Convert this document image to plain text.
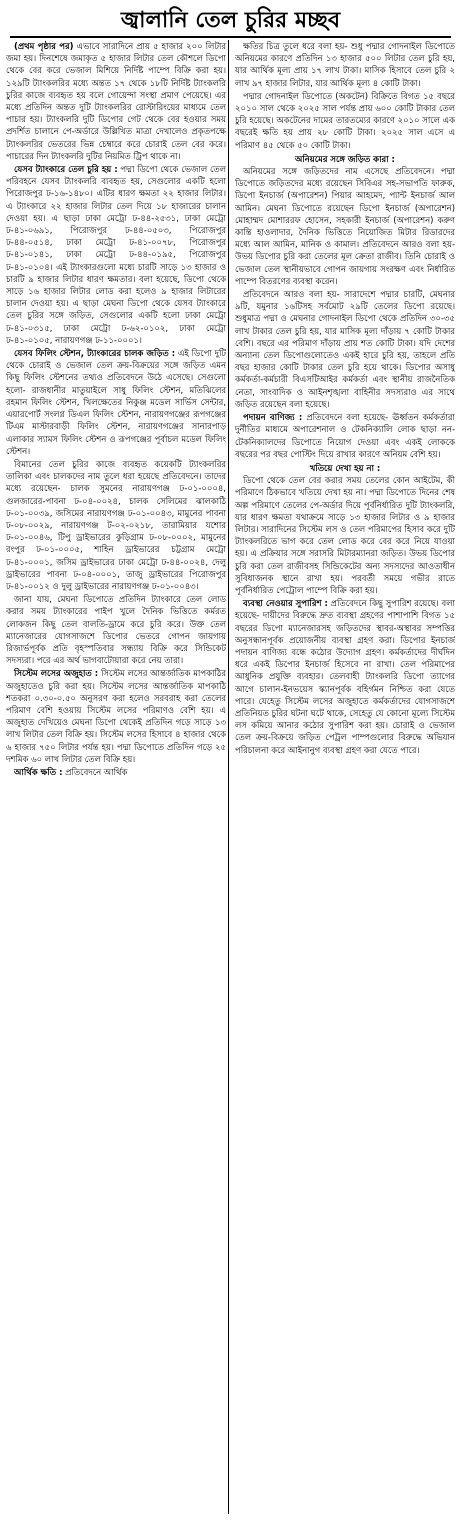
জ্বালানি তেল চুরির মচ্ছব

(প্রথম পৃষ্ঠার পর) এভাবে সারাদিনে প্রায় ৫ হাজার ২০০ লিটার জমা হয়। দিনশেষে জমাকৃত ৫ হাজার লিটার তেল কৌশলে ডিপো থেকে বের করে ভেজাল মিশিয়ে নির্দিষ্ট পাম্পে বিক্রি করা হয়। ১২৯টি ট্যাংকলরির মধ্যে অন্তত ১৭ থেকে ১৮টি নির্দিষ্ট ট্যাংকলরি চুরির কাজে ব্যবহৃত হয় বলে গোয়েন্দা সংস্থা প্রমাণ পেয়েছে। এর মধ্যে প্রতিদিন অন্তত দুটি ট্যাংকলরির রোস্টারিংয়ের মাধ্যমে তেল পাচার হয়। ট্যাংকলরি দুটি ডিপোর গেট থেকে বের হওয়ার সময় প্রদর্শিত চালানে পে-অর্ডারে উল্লিখিত মাত্রা দেখালেও প্রকৃতপক্ষে ট্যাংকলরির ভেতরের ভিন্ন চেম্বারে করে চোরাই তেল বের করে। পাচারের দিন ট্যাংকলরি দুটির নিয়মিত ট্রিপ থাকে না।

যেসব ট্যাংকারে তেল চুরি হয় : পদ্মা ডিপো থেকে ভেজাল তেল পরিবহনে যেসব ট্যাংকলরি ব্যবহৃত হয়, সেগুলোর একটি হলো পিরোজপুর ঢ-১৬-১৪৮০। এটির ধারণ ক্ষমতা ২২ হাজার লিটার। এ ট্যাংকারে ২২ হাজার লিটার তেল দিয়ে ১৮ হাজারের চালান দেওয়া হয়। এ ছাড়া ঢাকা মেট্রো ঢ-৪৪-২৫৩১, ঢাকা মেট্রো ঢ-৪১-০৬৯১, পিরোজপুর ঢ-৪৪-০৫০৩, পিরোজপুর ঢ-৪৪-০৫১৪, ঢাকা মেট্রো ঢ-৪১-০০৭৮, পিরোজপুর ঢ-৪১-০১৪১, ঢাকা মেট্রো ঢ-৪৪-০১৯৫, পিরোজপুর ঢ-৪১-০১০৪। এই ট্যাংকারগুলো মধ্যে চারটি সাড়ে ১৩ হাজার ও চারটি ৯ হাজার লিটার ধারণ ক্ষমতার। বলা হয়েছে, ডিপো থেকে সাড়ে ১৬ হাজার লিটার লোড করা হলেও ৯ হাজার লিটারের চালান দেওয়া হয়। এ ছাড়া মেঘনা ডিপো থেকে যেসব ট্যাংকারে তেল চুরির সঙ্গে জড়িত, সেগুলোর একটি হলো ঢাকা মেট্রো ঢ-৪১-০৩১৫, ঢাকা মেট্রো ঢ-৬২-০১০২, ঢাকা মেট্রো ঢ-৪১-০১০৫, নারায়ণগঞ্জ ঢ-১১-০০০১।

যেসব ফিলিং স্টেশন, ট্যাংকারের চালক জড়িত : এই ডিপো দুটি থেকে চোরাই ও ভেজাল তেল ক্রয়-বিক্রয়ের সঙ্গে জড়িত এমন কিছু ফিলিং স্টেশনের তথ্যও প্রতিবেদনে উঠে এসেছে। সেগুলো হলো- রাজধানীর মাতুয়াইলে সাধু ফিলিং স্টেশন, মতিঝিলের রহমান ফিলিং স্টেশন, খিলক্ষেতের নিকুঞ্জ মডেল সার্ভিস সেন্টার, এয়ারপোর্ট সংলগ্ন ডিএল ফিলিং স্টেশন, নারায়ণগঞ্জের রূপগঞ্জের টিএম মাস্টারবাড়ী ফিলিং স্টেশন, নারায়ণগঞ্জের সানারপাড় এলাকার স্যামস ফিলিং স্টেশন ও রূপগঞ্জের পূর্বাচল মডেল ফিলিং স্টেশন।

বিমানের তেল চুরির কাজে ব্যবহৃত কয়েকটি ট্যাংকলরির তালিকা এবং চালকদের নাম তুলে ধরা হয়েছে প্রতিবেদনে। তাদের মধ্যে রয়েছেন- চালক সুমনের নারায়ণগঞ্জ ঢ-০১-০০০৪, গুলজারের-পাবনা ঢ-০৪-০০২৪, চালক সেলিমের ঝালকাঠি ঢ-০১-০০৩৯, জসিমের নারায়ণগঞ্জ ঢ-০১-০০৪৩, মামুনের পাবনা ঢ-০৮-০০২৯, নারায়ণগঞ্জ ট-০২-০২১৮, তারামিয়ার যশোর ঢ-০১-০০৪৬, টিপু ড্রাইভারের কুড়িগ্রাম ঢ-০৮-০০০২, মামুনের রংপুর ঢ-০১-০০০৫, শাহিন ড্রাইভারের চট্টগ্রাম মেট্রো ঢ-৪১-০০০১, জসিম ড্রাইভারের ঢাকা মেট্রো ঢ-৪৪-০০২৪, দেলু ড্রাইভারের পাবনা ঢ-০৪-০০০১, তাজু ড্রাইভারের পিরোজপুর ঢ-৪১-০০১২ ও দুলু ড্রাইভারের নারায়ণগঞ্জ ঢ-০১-০০৪৩।

জানা যায়, মেঘনা ডিপোতে প্রতিদিন ট্যাংকারে তেল লোড করার সময় ট্যাংকারের পাইপ খুলে দৈনিক ভিত্তিতে কর্মরত লোকজন কিছু তেল বালতি-ড্রামে করে চুরি করে। উক্ত তেল ম্যানেজারের যোগসাজশে ডিপোর ভেতরে গোপন জায়গায় রিজার্ভপূর্বক প্রতি বৃহস্পতিবার সন্ধ্যায় বিক্রি করে সিন্ডিকেট সদস্যরা। পরে এর অর্থ ভাগবাটোয়ারা করে নেয় তারা।

সিস্টেম লসের অজুহাত : সিস্টেম লসের আন্তর্জাতিক মাপকাঠির অজুহাতেও চুরি করা হয়। সিস্টেম লসের আন্তর্জাতিক মাপকাঠি শতকরা ০.৩০-০.৫০ অনুসরণ করা হলেও সরবরাহ করা তেলের পরিমাণ বেশি হওয়ায় সিস্টেম লসের পরিমাণও বেশি হয়। এ অজুহাত দেখিয়েও মেঘনা ডিপো থেকেই প্রতিদিন গড়ে সাড়ে ১৩ লাখ লিটার তেল বিক্রি হয়। সিস্টেম লসের হিসাবে ৪ হাজার থেকে ৬ হাজার ৭৫০ লিটার পর্যন্ত হয়। পদ্মা ডিপোতে প্রতিদিন গড়ে ২৫ দশমিক ৬০ লাখ লিটার তেল বিক্রি হয়।

আর্থিক ক্ষতি : প্রতিবেদনে আর্থিক

ক্ষতির চিত্র তুলে ধরে বলা হয়- শুধু পদ্মার গোদনাইল ডিপোতে অনিয়মের কারণে প্রতিদিন ১৩ হাজার ৫০০ লিটার তেল চুরি হয়, যার আর্থিক মূল্য প্রায় ১৭ লাখ টাকা। মাসিক হিসাবে তেল চুরি ২ লাখ ৯৭ হাজার লিটার, যার আর্থিক মূল্য ৪ কোটি টাকা।

পদ্মার গোদনাইল ডিপোতে (অকটেন) বিক্রিতে বিগত ১৫ বছরে ২০১০ সাল থেকে ২০২৫ সাল পর্যন্ত প্রায় ৬০০ কোটি টাকার তেল চুরি হয়েছে। অকটেনের দামের তারতম্যের কারণে ২০১০ সালে এক বছরেই ক্ষতি হয় প্রায় ২৮ কোটি টাকা। ২০২৫ সাল এসে এ পরিমাণ ৪৫ থেকে ৫০ কোটি টাকা।

অনিয়মের সঙ্গে জড়িত কারা :

অনিয়মের সঙ্গে জড়িতদের নাম এসেছে প্রতিবেদনে। পদ্মা ডিপোতে জড়িতদের মধ্যে রয়েছেন সিবিএর সহ-সভাপতি ফারুক, ডিপো ইনচার্জ (অপারেশন) পিয়ার আহমেদ, প্যান্ট ইনচার্জ আল আমিন। মেঘনা ডিপোতে রয়েছেন ডিপো ইনচার্জ (অপারেশন) মোহাম্মদ মোশাররফ হোসেন, সহকারী ইনচার্জ (অপারেশন) করুণ কান্তি হাওলাদার, দৈনিক ভিত্তিতে নিয়োজিত মিটার রিডারদের মধ্যে আল আমিন, মানিক ও কামাল। প্রতিবেদনে আরও বলা হয়- উভয় ডিপোর চুরি করা তেলের মূল ক্রেতা রাজীব। তিনি চোরাই ও ভেজাল তেল স্থানীয়ভাবে গোপন জায়গায় সংরক্ষণ এবং নির্ধারিত পাম্পে বিতরণের ব্যবস্থা করেন।

প্রতিবেদনে আরও বলা হয়- সারাদেশে পদ্মার চারটি, মেঘনার ৯টি, যমুনার ১৬টিসহ সর্বমোট ২৯টি তেলের ডিপো রয়েছে। শুধুমাত্র পদ্মা ও মেঘনার গোদনাইল ডিপো থেকে প্রতিদিন ৩০-৩৫ লাখ টাকার তেল চুরি হয়, যার মাসিক মূল্য দাঁড়ায় ৭ কোটি টাকার বেশি। বছরে এর পরিমাণ দাঁড়ায় প্রায় শত কোটি টাকা। যদি দেশের অন্যান্য তেল ডিপোগুলোতেও একই হারে চুরি হয়, তাহলে প্রতি বছর হাজার কোটি টাকার তেল চুরি হয়ে থাকে। ডিপোর অসাধু কর্মকর্তা-কর্মচারী বিএসটিআইর কর্মকর্তা এবং স্থানীয় রাজনৈতিক নেতা, সাংবাদিক ও আইনশৃঙ্খলা বাহিনীর সদস্যরাও এর সাথে জড়িত রয়েছেন বলা হয়েছে।

পদায়ন বাণিজ্য : প্রতিবেদনে বলা হয়েছে- ঊর্ধ্বতন কর্মকর্তারা দুর্নীতির মাধ্যমে অপারেশনাল ও টেকনিক্যালি লোক ছাড়া নন-টেকনিক্যালদের ডিপোতে নিয়োগ দেওয়া এবং একই লোককে বছরের পর বছর পোস্টিং দিয়ে রাখার কারণে অনিয়ম বেশি হয়।

খতিয়ে দেখা হয় না :

ডিপো থেকে তেল বের করার সময় তেলের কোন আইটেম, কী পরিমাণে ঠিকভাবে খতিয়ে দেখা হয় না। পদ্মা ডিপোতে দিনের শেষ অল্প পরিমাণে তেলের পে-অর্ডার দিয়ে পূর্বনির্ধারিত দুটি ট্যাংকলরি, যার ধারণ ক্ষমতা যথাক্রমে সাড়ে ১৩ হাজার লিটার ও ৯ হাজার লিটার। সারাদিনের সিস্টেম লস ও তেল পরিমাপের হিসাব করে দুটি ট্যাংকলরিতে ভাগ করে তেল লোড করে বের করে নিয়ে যাওয়া হয়। এ প্রক্রিয়ার সঙ্গে সরাসরি মিটারম্যানরা জড়িত। উভয় ডিপোর চুরি করা তেল রাজীবসহ সিন্ডিকেটের অন্য সদস্যদের আওতাধীন সুবিধাজনক স্থানে রাখা হয়। পরবর্তী সময়ে গভীর রাতে পূর্বনির্ধারিত পেট্রোল পাম্পে বিক্রি করা হয়।

ব্যবস্থা নেওয়ার সুপারিশ : প্রতিবেদনে কিছু সুপারিশ রয়েছে। বলা হয়েছে- দায়ীদের বিরুদ্ধে দ্রুত ব্যবস্থা গ্রহণের পাশাপাশি বিগত ১৫ বছরের ডিপো ম্যানেজারসহ জড়িতদের স্থাবর-অস্থাবর সম্পত্তির অনুসন্ধানপূর্বক প্রয়োজনীয় ব্যবস্থা গ্রহণ করা। ডিপোর ইনচার্জ পদায়ন বাণিজ্য বন্ধে কঠোর উদ্যোগ গ্রহণ। কর্মকর্তাদের দীর্ঘদিন ধরে একই ডিপোর ইনচার্জ হিসেবে না রাখা। তেল পরিমাপের আধুনিক প্রযুক্তি ব্যবহার। তেলবাহী ট্যাংকলরি ডিপো ত্যাগের আগে চালান-ইনভয়েস স্ক্যানপূর্বক বহির্গমন নিশ্চিত করা যেতে পারে। যেহেতু সিস্টেম লসের অজুহাতে কর্মকর্তাদের যোগসাজশে প্রতিনিয়ত চুরির ঘটনা ঘটে থাকে, সেহেতু যে কোনো মূল্যে সিস্টেম লস কমিয়ে আনার কঠোর সুপারিশ করা হয়। চোরাই ও ভেজাল তেল ক্রয়-বিক্রয়ে জড়িত পেট্রল পাম্পগুলোর বিরুদ্ধে অভিযান পরিচালনা করে আইনানুগ ব্যবস্থা গ্রহণ করা যেতে পারে।
